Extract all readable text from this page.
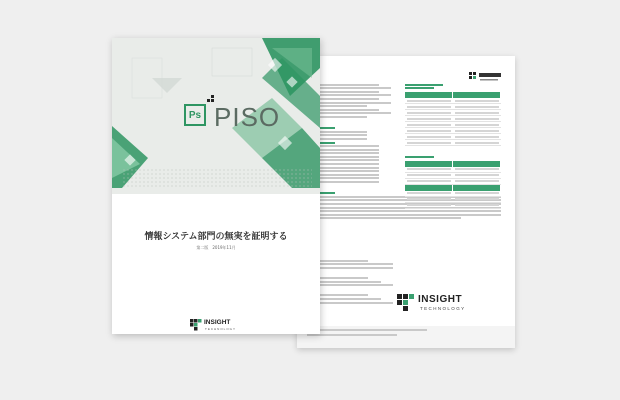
INSIGHT
TECHNOLOGY
Ps PISO
情報システム部門の無実を証明する
第二版　2019年11月
INSIGHT
TECHNOLOGY
